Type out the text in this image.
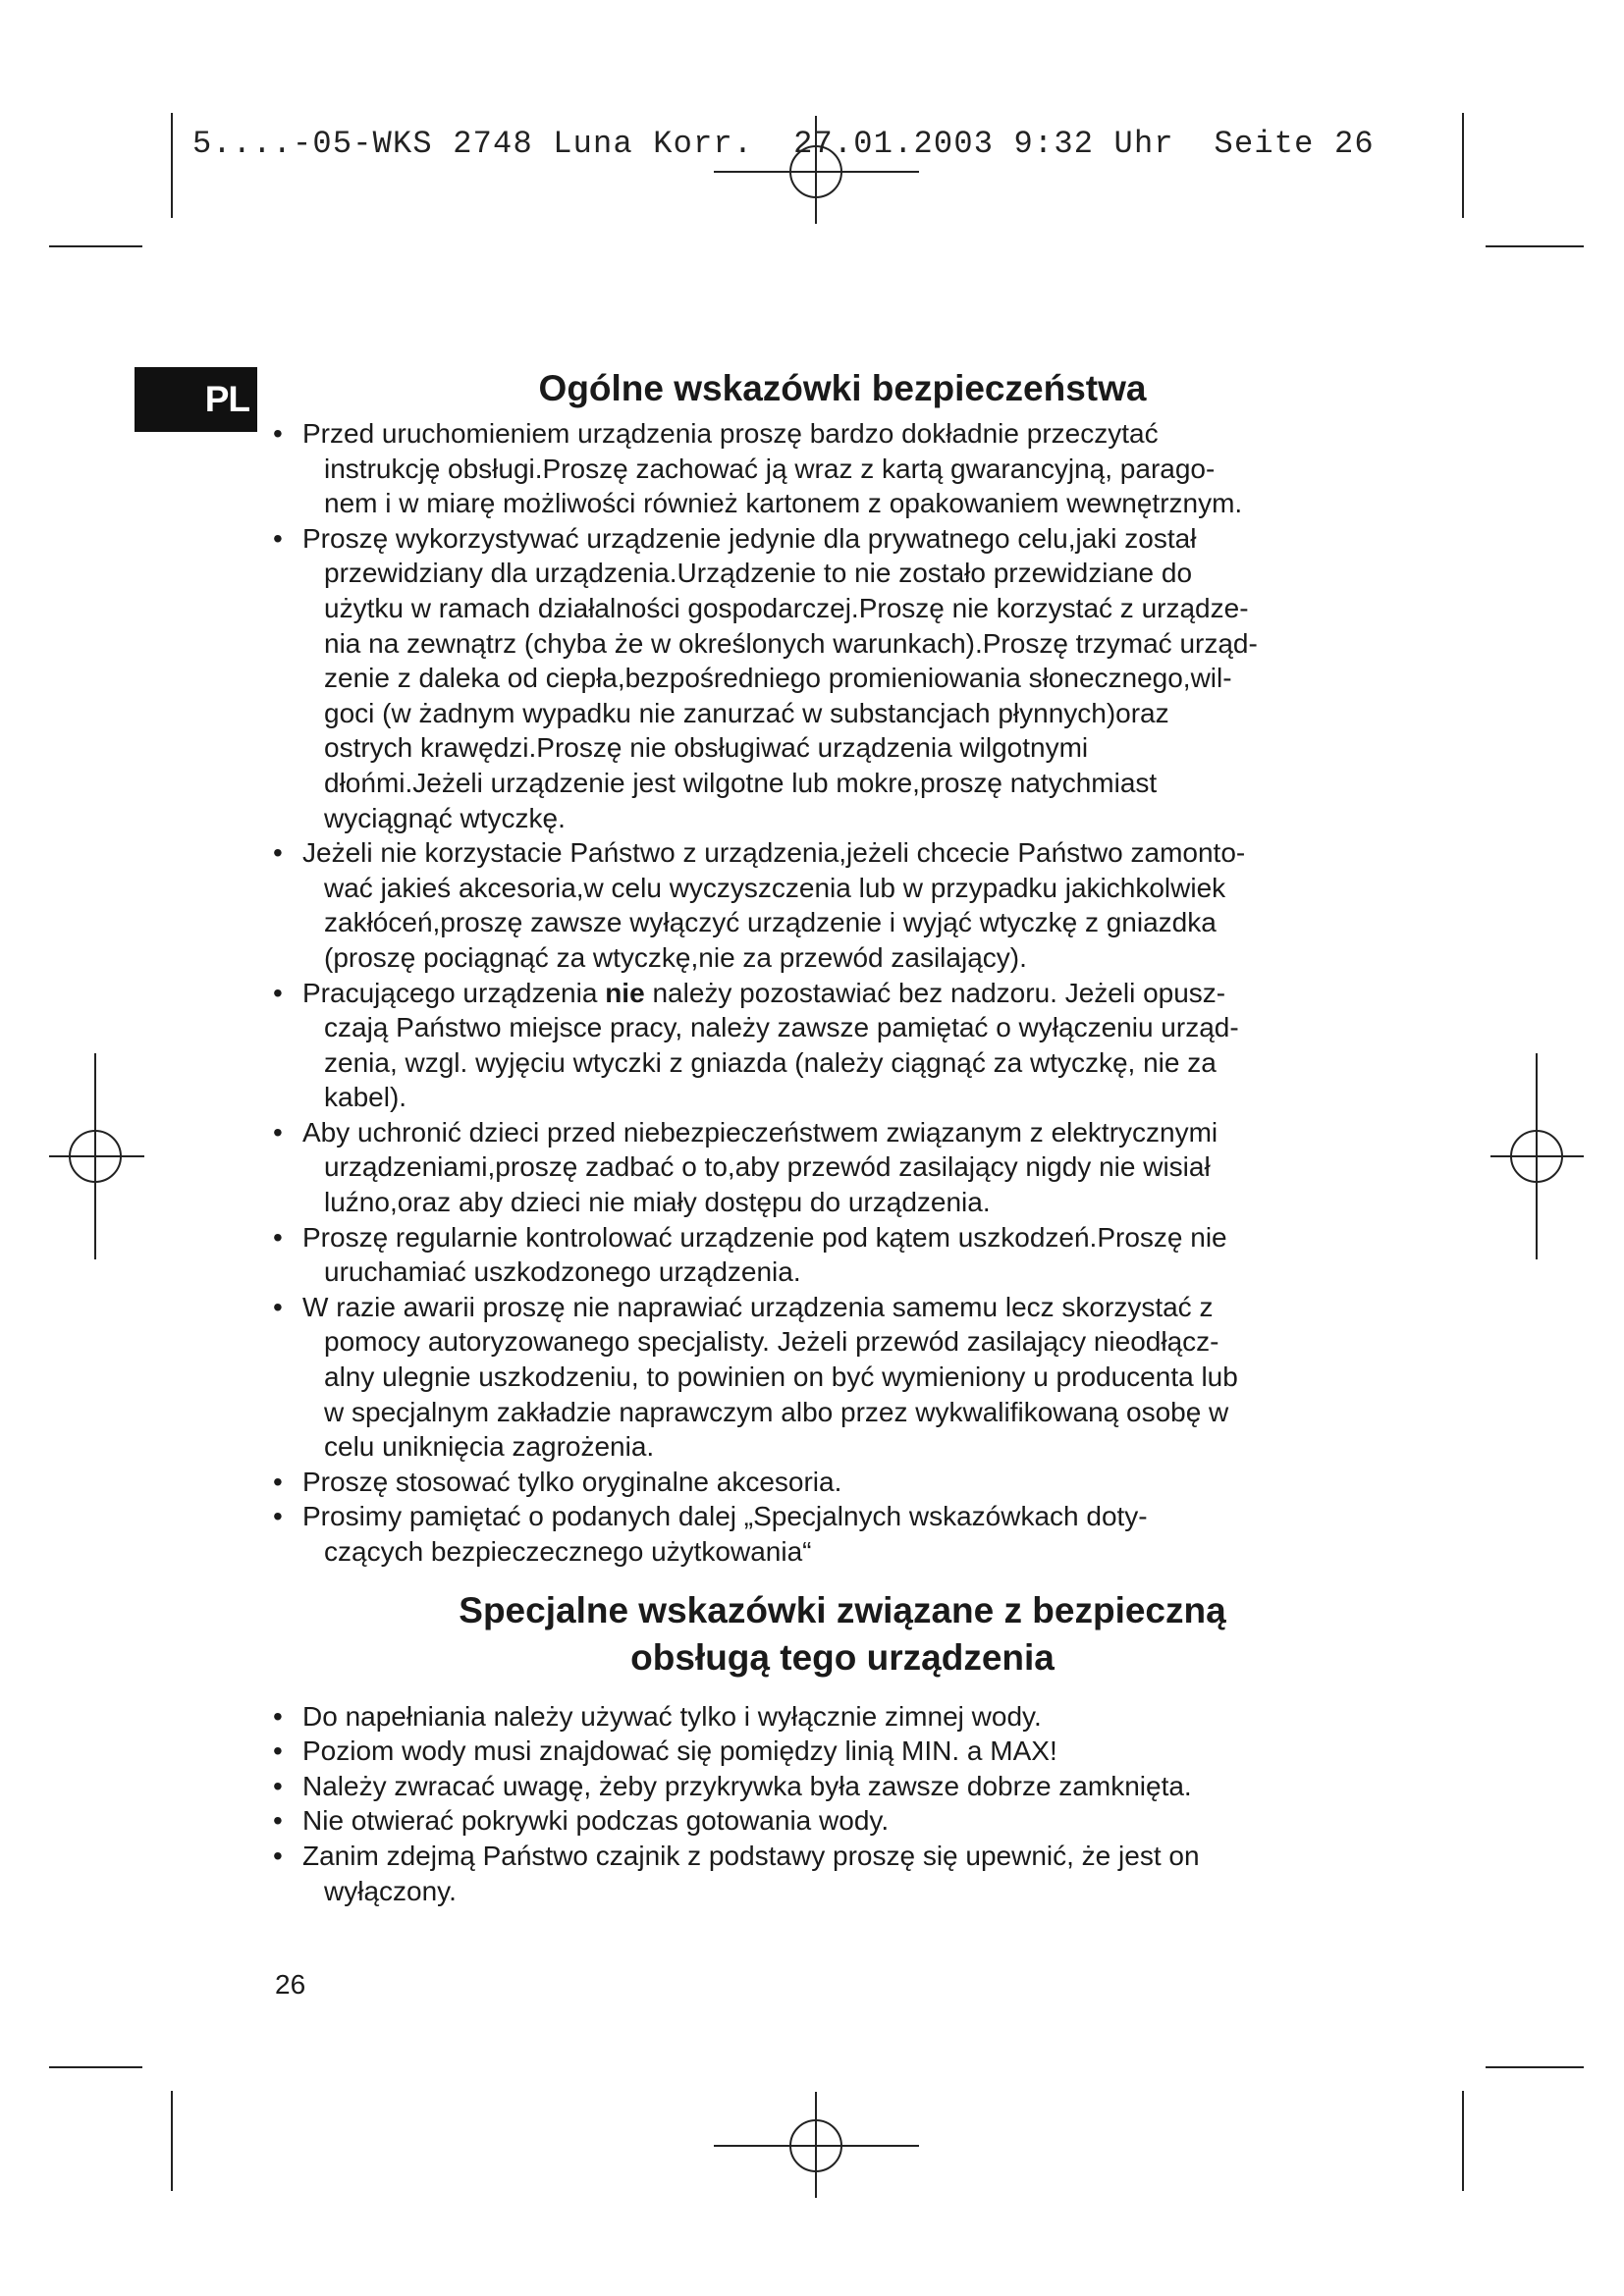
5....-05-WKS 2748 Luna Korr.  27.01.2003 9:32 Uhr  Seite 26
PL	Ogólne wskazówki bezpieczeństwa
• Przed uruchomieniem urządzenia proszę bardzo dokładnie przeczytać
instrukcję obsługi.Proszę zachować ją wraz z kartą gwarancyjną, parago-
nem i w miarę możliwości również kartonem z opakowaniem wewnętrznym.
• Proszę wykorzystywać urządzenie jedynie dla prywatnego celu,jaki został
przewidziany dla urządzenia.Urządzenie to nie zostało przewidziane do
użytku w ramach działalności gospodarczej.Proszę nie korzystać z urządze-
nia na zewnątrz (chyba że w określonych warunkach).Proszę trzymać urząd-
zenie z daleka od ciepła,bezpośredniego promieniowania słonecznego,wil-
goci (w żadnym wypadku nie zanurzać w substancjach płynnych)oraz
ostrych krawędzi.Proszę nie obsługiwać urządzenia wilgotnymi
dłońmi.Jeżeli urządzenie jest wilgotne lub mokre,proszę natychmiast
wyciągnąć wtyczkę.
• Jeżeli nie korzystacie Państwo z urządzenia,jeżeli chcecie Państwo zamonto-
wać jakieś akcesoria,w celu wyczyszczenia lub w przypadku jakichkolwiek
zakłóceń,proszę zawsze wyłączyć urządzenie i wyjąć wtyczkę z gniazdka
(proszę pociągnąć za wtyczkę,nie za przewód zasilający).
• Pracującego urządzenia nie należy pozostawiać bez nadzoru. Jeżeli opusz-
czają Państwo miejsce pracy, należy zawsze pamiętać o wyłączeniu urząd-
zenia, wzgl. wyjęciu wtyczki z gniazda (należy ciągnąć za wtyczkę, nie za
kabel).
• Aby uchronić dzieci przed niebezpieczeństwem związanym z elektrycznymi
urządzeniami,proszę zadbać o to,aby przewód zasilający nigdy nie wisiał
luźno,oraz aby dzieci nie miały dostępu do urządzenia.
• Proszę regularnie kontrolować urządzenie pod kątem uszkodzeń.Proszę nie
uruchamiać uszkodzonego urządzenia.
• W razie awarii proszę nie naprawiać urządzenia samemu lecz skorzystać z
pomocy autoryzowanego specjalisty. Jeżeli przewód zasilający nieodłącz-
alny ulegnie uszkodzeniu, to powinien on być wymieniony u producenta lub
w specjalnym zakładzie naprawczym albo przez wykwalifikowaną osobę w
celu uniknięcia zagrożenia.
• Proszę stosować tylko oryginalne akcesoria.
• Prosimy pamiętać o podanych dalej „Specjalnych wskazówkach doty-
czących bezpieczecznego użytkowania“
Specjalne wskazówki związane z bezpieczną
obsługą tego urządzenia
• Do napełniania należy używać tylko i wyłącznie zimnej wody.
• Poziom wody musi znajdować się pomiędzy linią MIN. a MAX!
• Należy zwracać uwagę, żeby przykrywka była zawsze dobrze zamknięta.
• Nie otwierać pokrywki podczas gotowania wody.
• Zanim zdejmą Państwo czajnik z podstawy proszę się upewnić, że jest on
wyłączony.
26
